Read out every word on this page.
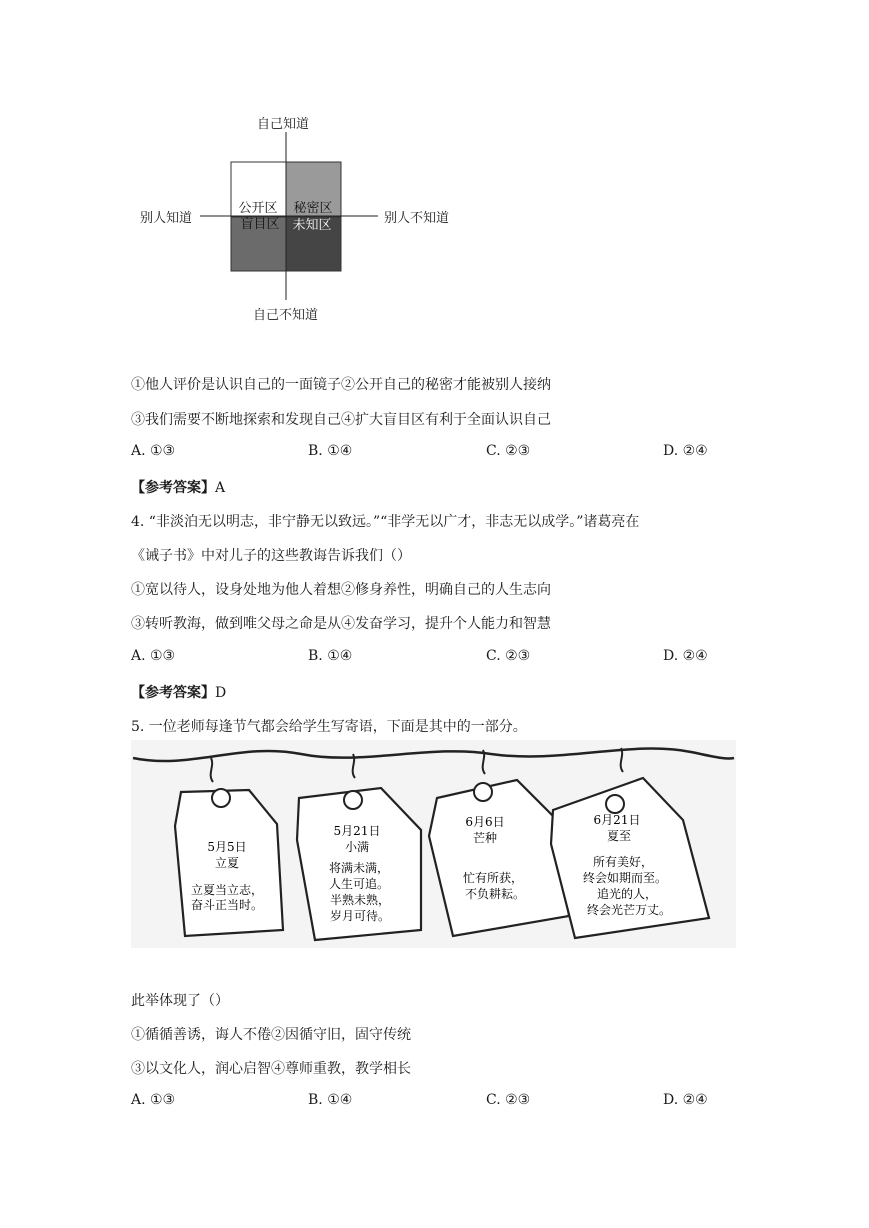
公开区 秘密区
盲目区 未知区
自己知道
自己不知道
别人知道	别人不知道
①他人评价是认识自己的一面镜子②公开自己的秘密才能被别人接纳
③我们需要不断地探索和发现自己④扩大盲目区有利于全面认识自己
A. ①③	B. ①④	C. ②③	D. ②④
【参考答案】A
4. “非淡泊无以明志，非宁静无以致远。”“非学无以广才，非志无以成学。”诸葛亮在
《诫子书》中对儿子的这些教诲告诉我们（）
①宽以待人，设身处地为他人着想②修身养性，明确自己的人生志向
③转听教海，做到唯父母之命是从④发奋学习，提升个人能力和智慧
A. ①③	B. ①④	C. ②③	D. ②④
【参考答案】D
5. 一位老师每逢节气都会给学生写寄语，下面是其中的一部分。
5月5日
立夏
立夏当立志，
奋斗正当时。
5月21日
小满
将满未满，
人生可追。
半熟未熟，
岁月可待。
6月6日
芒种
忙有所获，
不负耕耘。
6月21日
夏至
所有美好，
终会如期而至。
追光的人，
终会光芒万丈。
此举体现了（）
①循循善诱，诲人不倦②因循守旧，固守传统
③以文化人，润心启智④尊师重教，教学相长
A. ①③	B. ①④	C. ②③	D. ②④
